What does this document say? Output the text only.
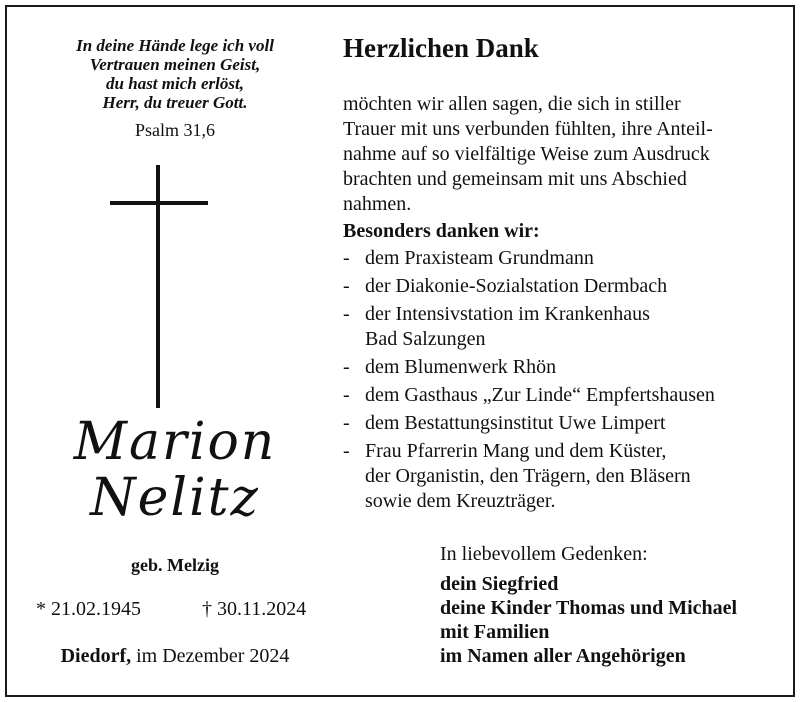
In deine Hände lege ich voll
Vertrauen meinen Geist,
du hast mich erlöst,
Herr, du treuer Gott.
Psalm 31,6
Marion
Nelitz
geb. Melzig
* 21.02.1945	† 30.11.2024
Diedorf, im Dezember 2024
Herzlichen Dank
möchten wir allen sagen, die sich in stiller
Trauer mit uns verbunden fühlten, ihre Anteil-
nahme auf so vielfältige Weise zum Ausdruck
brachten und gemeinsam mit uns Abschied
nahmen.
Besonders danken wir:
- dem Praxisteam Grundmann
- der Diakonie-Sozialstation Dermbach
- der Intensivstation im Krankenhaus
Bad Salzungen
- dem Blumenwerk Rhön
- dem Gasthaus „Zur Linde“ Empfertshausen
- dem Bestattungsinstitut Uwe Limpert
- Frau Pfarrerin Mang und dem Küster,
der Organistin, den Trägern, den Bläsern
sowie dem Kreuzträger.
In liebevollem Gedenken:
dein Siegfried
deine Kinder Thomas und Michael
mit Familien
im Namen aller Angehörigen
